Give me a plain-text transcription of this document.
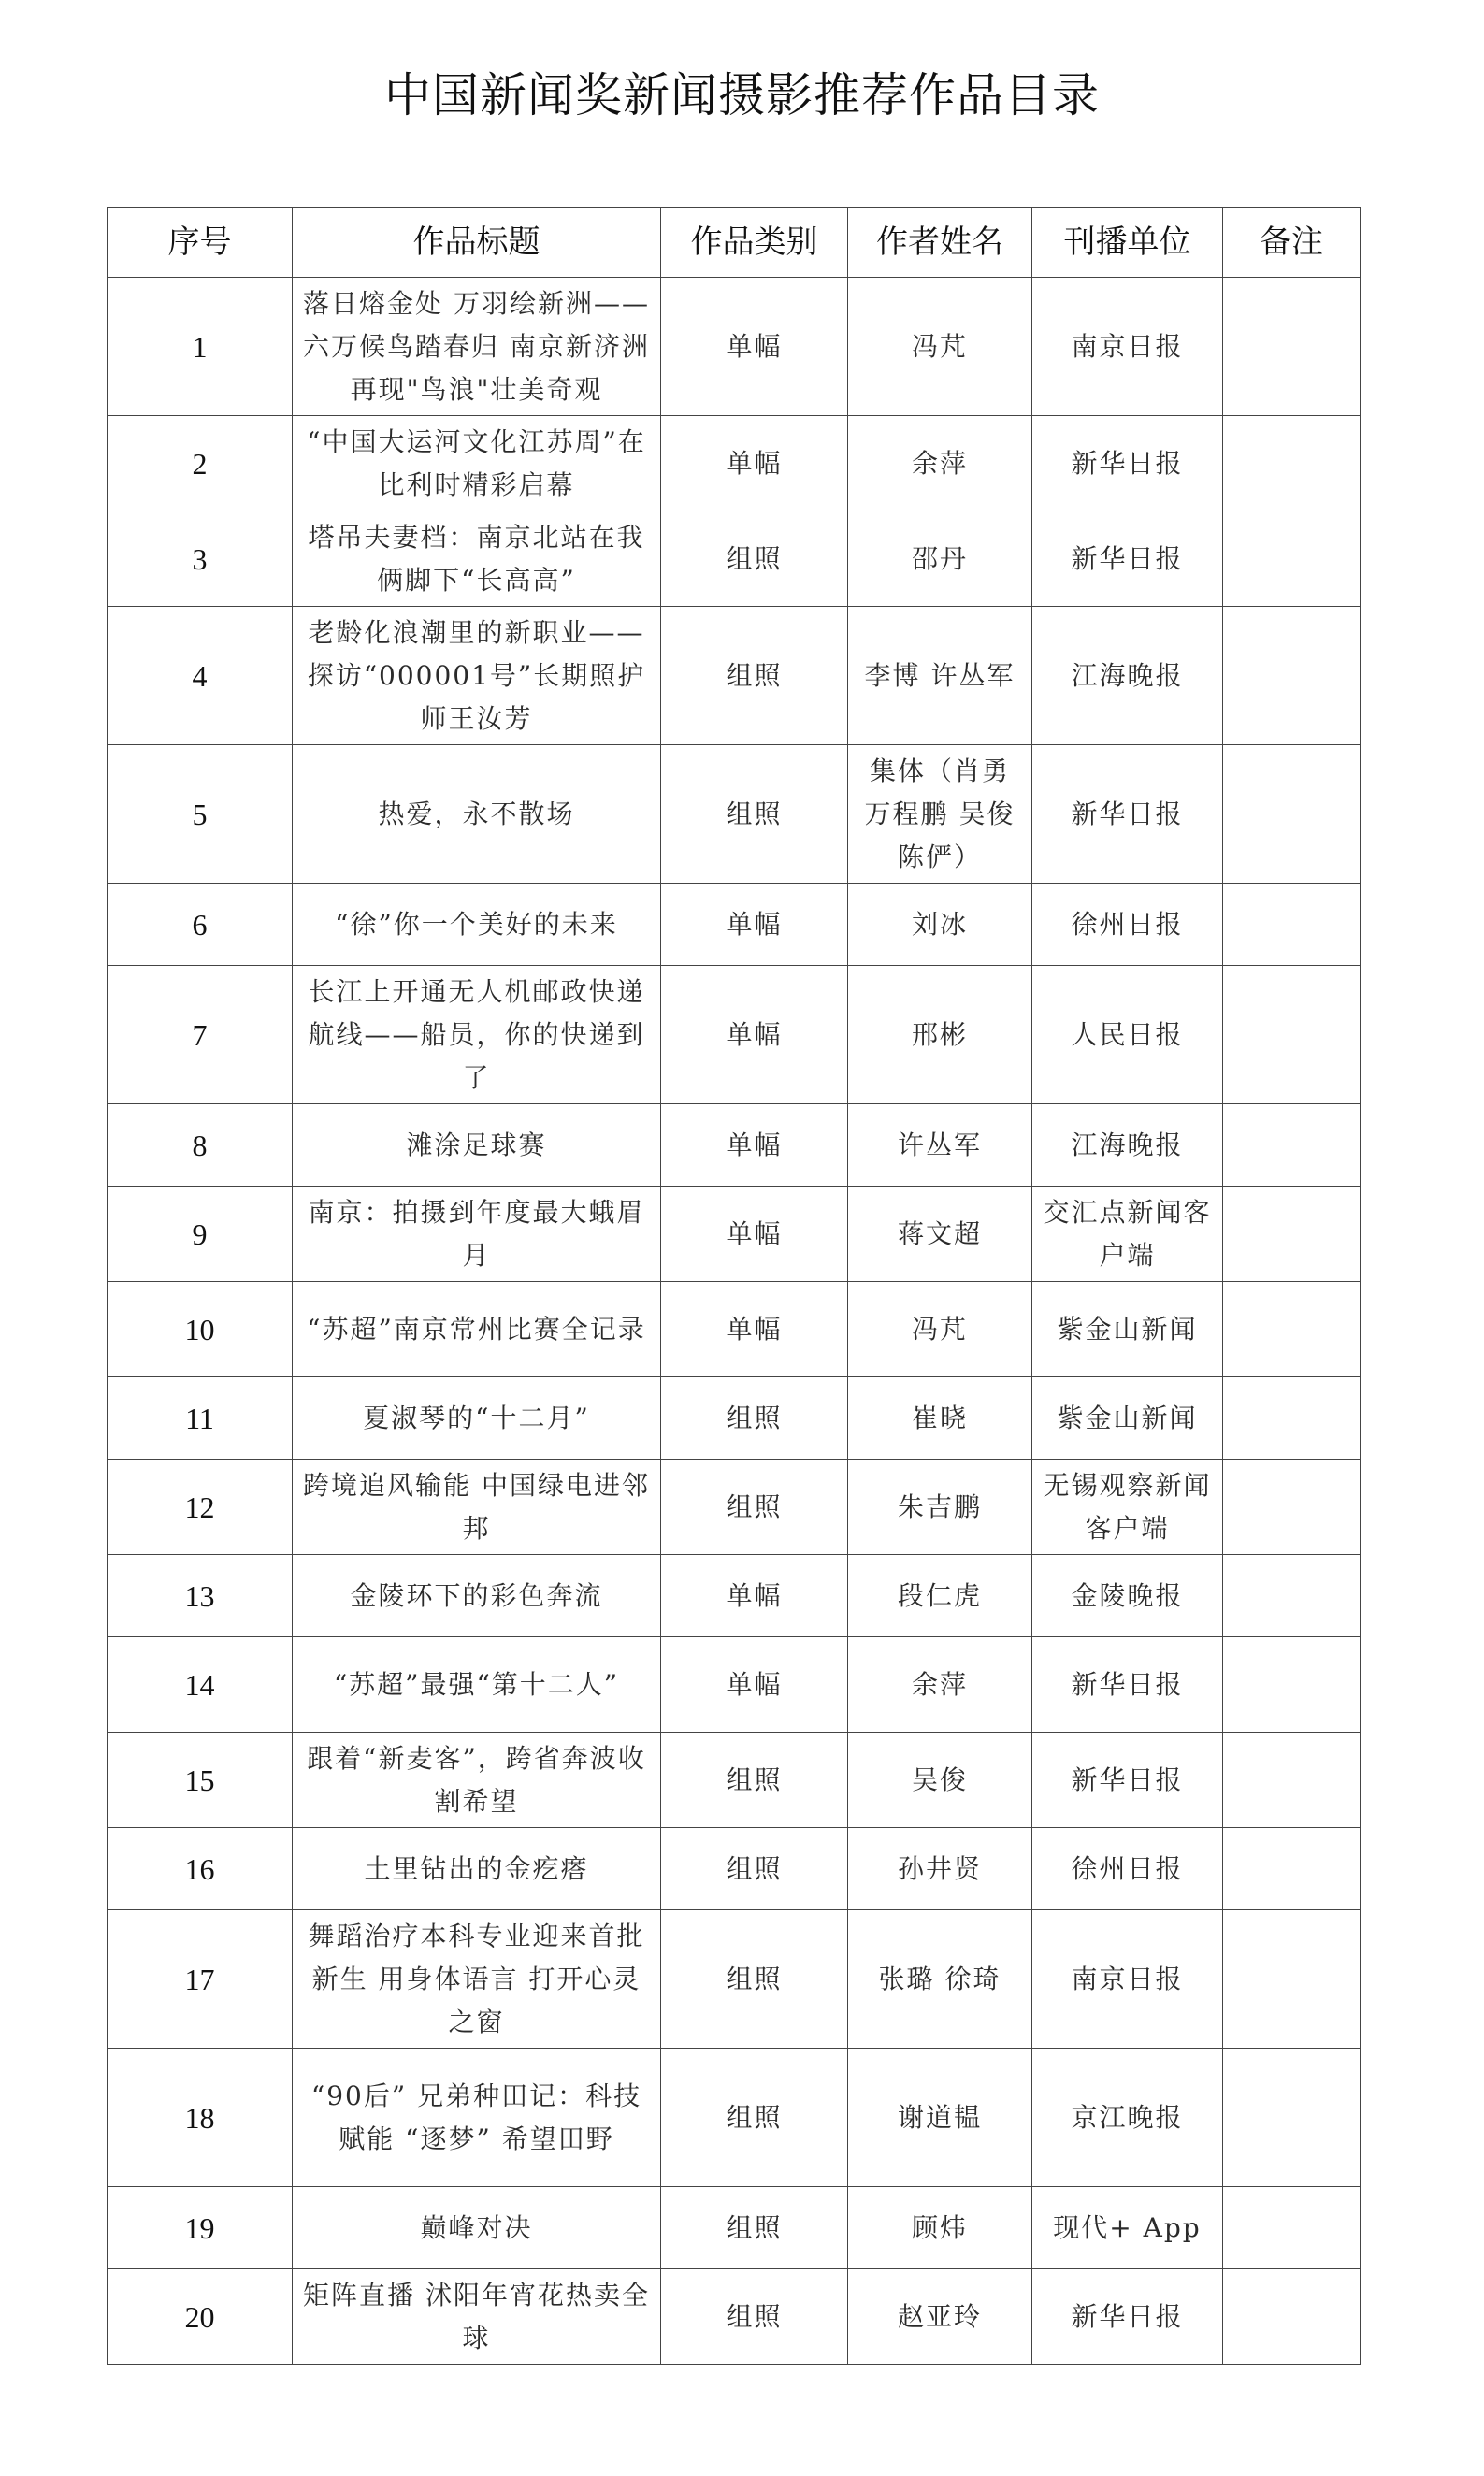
中国新闻奖新闻摄影推荐作品目录
序号	作品标题	作品类别	作者姓名	刊播单位	备注
1	落日熔金处 万羽绘新洲——六万候鸟踏春归 南京新济洲再现"鸟浪"壮美奇观	单幅	冯芃	南京日报	
2	“中国大运河文化江苏周”在比利时精彩启幕	单幅	余萍	新华日报	
3	塔吊夫妻档：南京北站在我俩脚下“长高高”	组照	邵丹	新华日报	
4	老龄化浪潮里的新职业——探访“000001号”长期照护师王汝芳	组照	李博 许丛军	江海晚报	
5	热爱，永不散场	组照	集体（肖勇 万程鹏 吴俊 陈俨）	新华日报	
6	“徐”你一个美好的未来	单幅	刘冰	徐州日报	
7	长江上开通无人机邮政快递航线——船员，你的快递到了	单幅	邢彬	人民日报	
8	滩涂足球赛	单幅	许丛军	江海晚报	
9	南京：拍摄到年度最大蛾眉月	单幅	蒋文超	交汇点新闻客户端	
10	“苏超”南京常州比赛全记录	单幅	冯芃	紫金山新闻	
11	夏淑琴的“十二月”	组照	崔晓	紫金山新闻	
12	跨境追风输能 中国绿电进邻邦	组照	朱吉鹏	无锡观察新闻客户端	
13	金陵环下的彩色奔流	单幅	段仁虎	金陵晚报	
14	“苏超”最强“第十二人”	单幅	余萍	新华日报	
15	跟着“新麦客”，跨省奔波收割希望	组照	吴俊	新华日报	
16	土里钻出的金疙瘩	组照	孙井贤	徐州日报	
17	舞蹈治疗本科专业迎来首批新生 用身体语言 打开心灵之窗	组照	张璐 徐琦	南京日报	
18	“90后” 兄弟种田记：科技赋能 “逐梦” 希望田野	组照	谢道韫	京江晚报	
19	巅峰对决	组照	顾炜	现代+ App	
20	矩阵直播 沭阳年宵花热卖全球	组照	赵亚玲	新华日报	
